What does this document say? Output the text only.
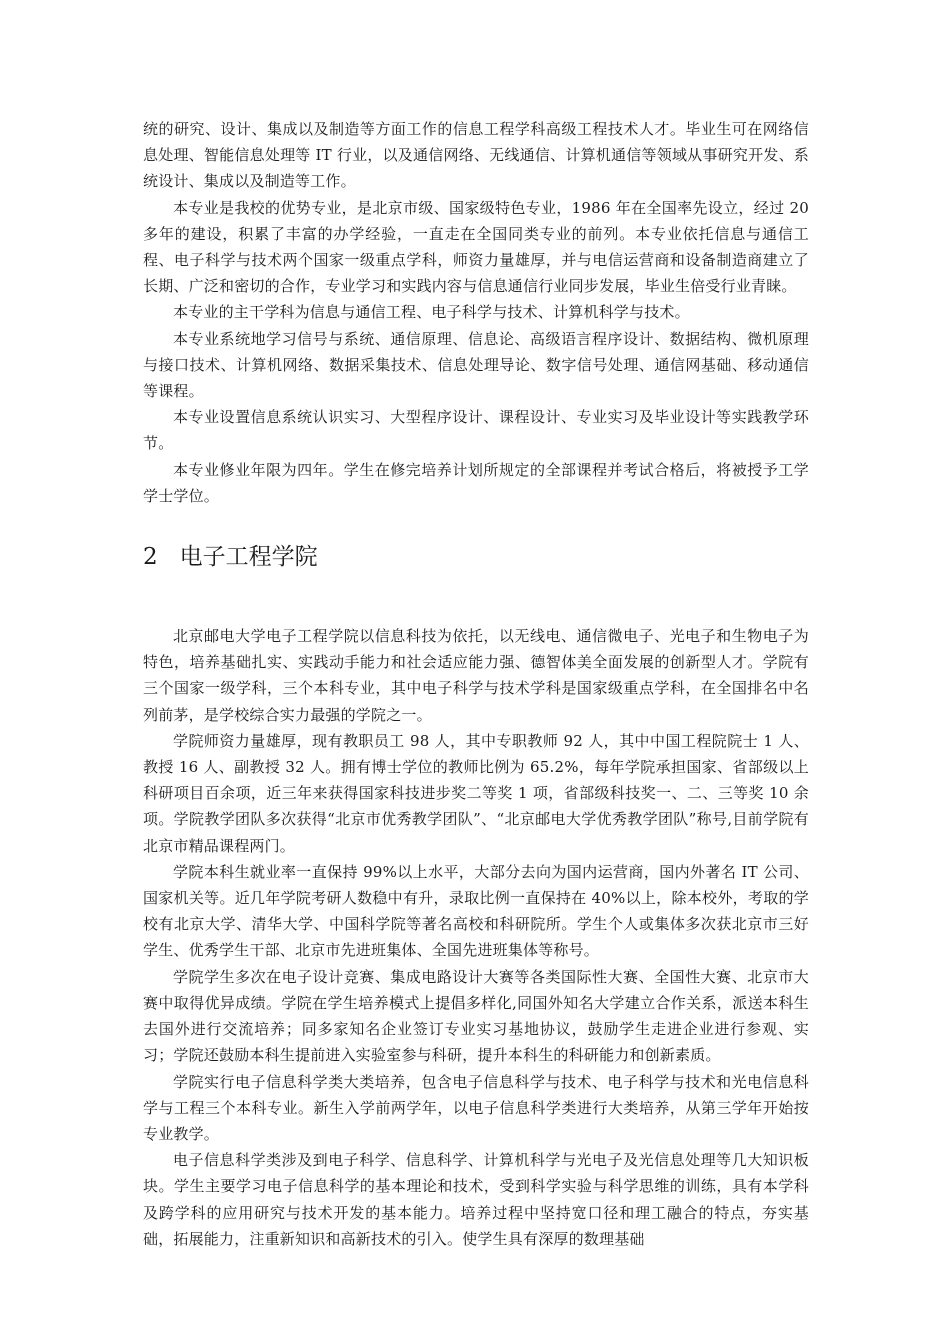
统的研究、设计、集成以及制造等方面工作的信息工程学科高级工程技术人才。毕业生可在网络信息处理、智能信息处理等 IT 行业，以及通信网络、无线通信、计算机通信等领域从事研究开发、系统设计、集成以及制造等工作。

本专业是我校的优势专业，是北京市级、国家级特色专业，1986 年在全国率先设立，经过 20 多年的建设，积累了丰富的办学经验，一直走在全国同类专业的前列。本专业依托信息与通信工程、电子科学与技术两个国家一级重点学科，师资力量雄厚，并与电信运营商和设备制造商建立了长期、广泛和密切的合作，专业学习和实践内容与信息通信行业同步发展，毕业生倍受行业青睐。

本专业的主干学科为信息与通信工程、电子科学与技术、计算机科学与技术。

本专业系统地学习信号与系统、通信原理、信息论、高级语言程序设计、数据结构、微机原理与接口技术、计算机网络、数据采集技术、信息处理导论、数字信号处理、通信网基础、移动通信等课程。

本专业设置信息系统认识实习、大型程序设计、课程设计、专业实习及毕业设计等实践教学环节。

本专业修业年限为四年。学生在修完培养计划所规定的全部课程并考试合格后，将被授予工学学士学位。

2 电子工程学院

北京邮电大学电子工程学院以信息科技为依托，以无线电、通信微电子、光电子和生物电子为特色，培养基础扎实、实践动手能力和社会适应能力强、德智体美全面发展的创新型人才。学院有三个国家一级学科，三个本科专业，其中电子科学与技术学科是国家级重点学科，在全国排名中名列前茅，是学校综合实力最强的学院之一。

学院师资力量雄厚，现有教职员工 98 人，其中专职教师 92 人，其中中国工程院院士 1 人、教授 16 人、副教授 32 人。拥有博士学位的教师比例为 65.2%，每年学院承担国家、省部级以上科研项目百余项，近三年来获得国家科技进步奖二等奖 1 项，省部级科技奖一、二、三等奖 10 余项。学院教学团队多次获得“北京市优秀教学团队”、“北京邮电大学优秀教学团队”称号,目前学院有北京市精品课程两门。

学院本科生就业率一直保持 99%以上水平，大部分去向为国内运营商，国内外著名 IT 公司、国家机关等。近几年学院考研人数稳中有升，录取比例一直保持在 40%以上，除本校外，考取的学校有北京大学、清华大学、中国科学院等著名高校和科研院所。学生个人或集体多次获北京市三好学生、优秀学生干部、北京市先进班集体、全国先进班集体等称号。

学院学生多次在电子设计竞赛、集成电路设计大赛等各类国际性大赛、全国性大赛、北京市大赛中取得优异成绩。学院在学生培养模式上提倡多样化,同国外知名大学建立合作关系，派送本科生去国外进行交流培养；同多家知名企业签订专业实习基地协议，鼓励学生走进企业进行参观、实习；学院还鼓励本科生提前进入实验室参与科研，提升本科生的科研能力和创新素质。

学院实行电子信息科学类大类培养，包含电子信息科学与技术、电子科学与技术和光电信息科学与工程三个本科专业。新生入学前两学年，以电子信息科学类进行大类培养，从第三学年开始按专业教学。

电子信息科学类涉及到电子科学、信息科学、计算机科学与光电子及光信息处理等几大知识板块。学生主要学习电子信息科学的基本理论和技术，受到科学实验与科学思维的训练，具有本学科及跨学科的应用研究与技术开发的基本能力。培养过程中坚持宽口径和理工融合的特点，夯实基础，拓展能力，注重新知识和高新技术的引入。使学生具有深厚的数理基础
